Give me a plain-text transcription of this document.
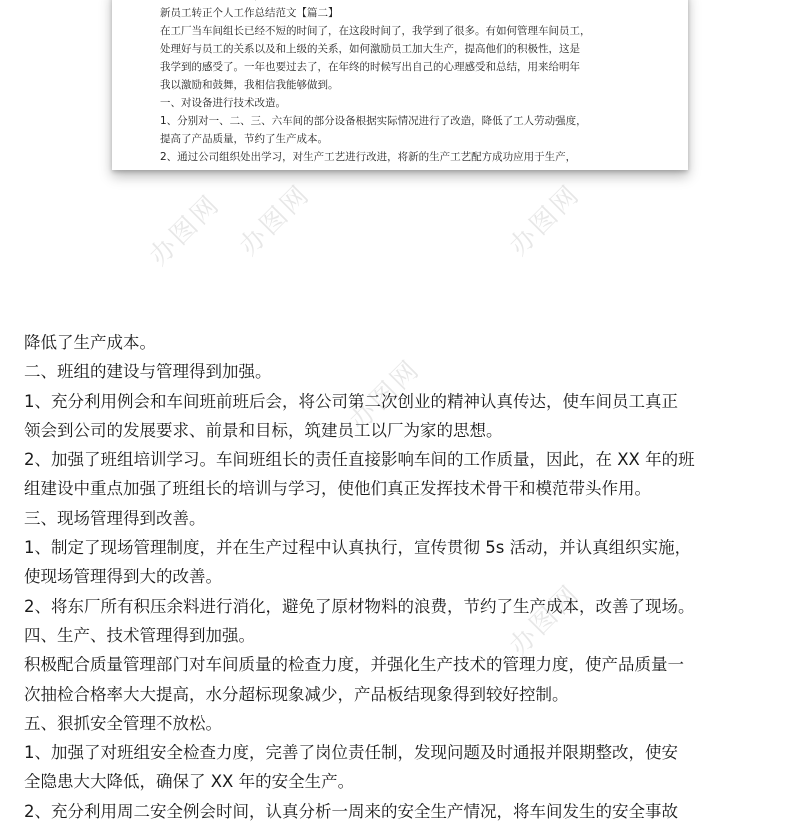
新员工转正个人工作总结范文【篇二】
在工厂当车间组长已经不短的时间了，在这段时间了，我学到了很多。有如何管理车间员工，
处理好与员工的关系以及和上级的关系，如何激励员工加大生产，提高他们的积极性，这是
我学到的感受了。一年也要过去了，在年终的时候写出自己的心理感受和总结，用来给明年
我以激励和鼓舞，我相信我能够做到。
一、对设备进行技术改造。
1、分别对一、二、三、六车间的部分设备根据实际情况进行了改造，降低了工人劳动强度，
提高了产品质量，节约了生产成本。
2、通过公司组织处出学习，对生产工艺进行改进，将新的生产工艺配方成功应用于生产，
办图网	办图网
办图网
办图网
办图网
降低了生产成本。
二、班组的建设与管理得到加强。
1、充分利用例会和车间班前班后会，将公司第二次创业的精神认真传达，使车间员工真正
领会到公司的发展要求、前景和目标，筑建员工以厂为家的思想。
2、加强了班组培训学习。车间班组长的责任直接影响车间的工作质量，因此，在 XX 年的班
组建设中重点加强了班组长的培训与学习，使他们真正发挥技术骨干和模范带头作用。
三、现场管理得到改善。
1、制定了现场管理制度，并在生产过程中认真执行，宣传贯彻 5s 活动，并认真组织实施，
使现场管理得到大的改善。
2、将东厂所有积压余料进行消化，避免了原材物料的浪费，节约了生产成本，改善了现场。
四、生产、技术管理得到加强。
积极配合质量管理部门对车间质量的检查力度，并强化生产技术的管理力度，使产品质量一
次抽检合格率大大提高，水分超标现象减少，产品板结现象得到较好控制。
五、狠抓安全管理不放松。
1、加强了对班组安全检查力度，完善了岗位责任制，发现问题及时通报并限期整改，使安
全隐患大大降低，确保了 XX 年的安全生产。
2、充分利用周二安全例会时间，认真分析一周来的安全生产情况，将车间发生的安全事故
